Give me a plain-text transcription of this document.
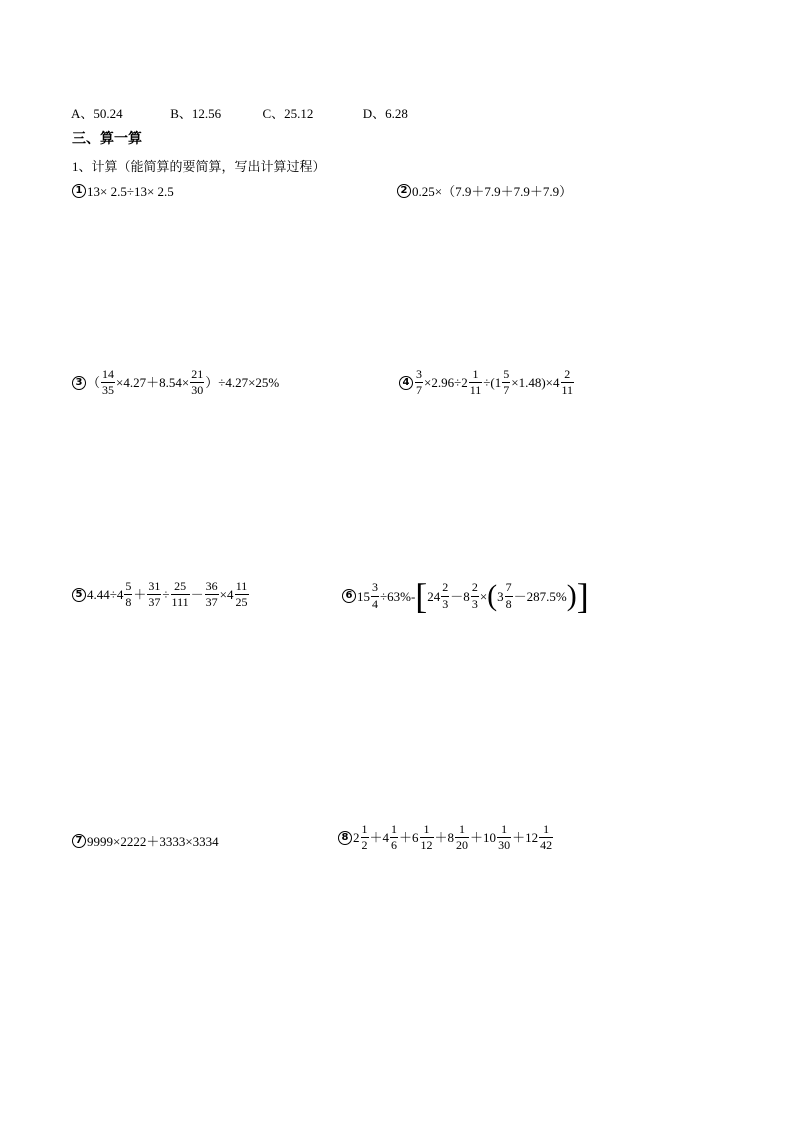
A、50.24	B、12.56	C、25.12	D、6.28
三、算一算
1、计算（能简算的要简算，写出计算过程）
1 13× 2.5÷13× 2.5	2 0.25×（7.9＋7.9＋7.9＋7.9）
3 （ $\frac{14}{35} \times 4.27+8.54\times \frac{21}{30} )\div 4.27\times 25\%$	$4 \frac{3}{7} \times 2.96\div 2 \frac{1}{11} \div(1 \frac{5}{7} \times 1.48)\times 4 \frac{2}{11}$
5 $4.44\div 4 \frac{5}{8} + \frac{31}{37} \div \frac{25}{111} - \frac{36}{37} \times 4 \frac{11}{25}$	6 $15 \frac{3}{4} \div 63\%-$ [ $24 \frac{2}{3} -8 \frac{2}{3}$ × ( $3 \frac{7}{8} -287.5\%$ ) ]
7 9999×2222＋3333×3334	8 $2 \frac{1}{2} +4 \frac{1}{6} +6 \frac{1}{12} +8 \frac{1}{20} +10 \frac{1}{30} +12 \frac{1}{42}$
